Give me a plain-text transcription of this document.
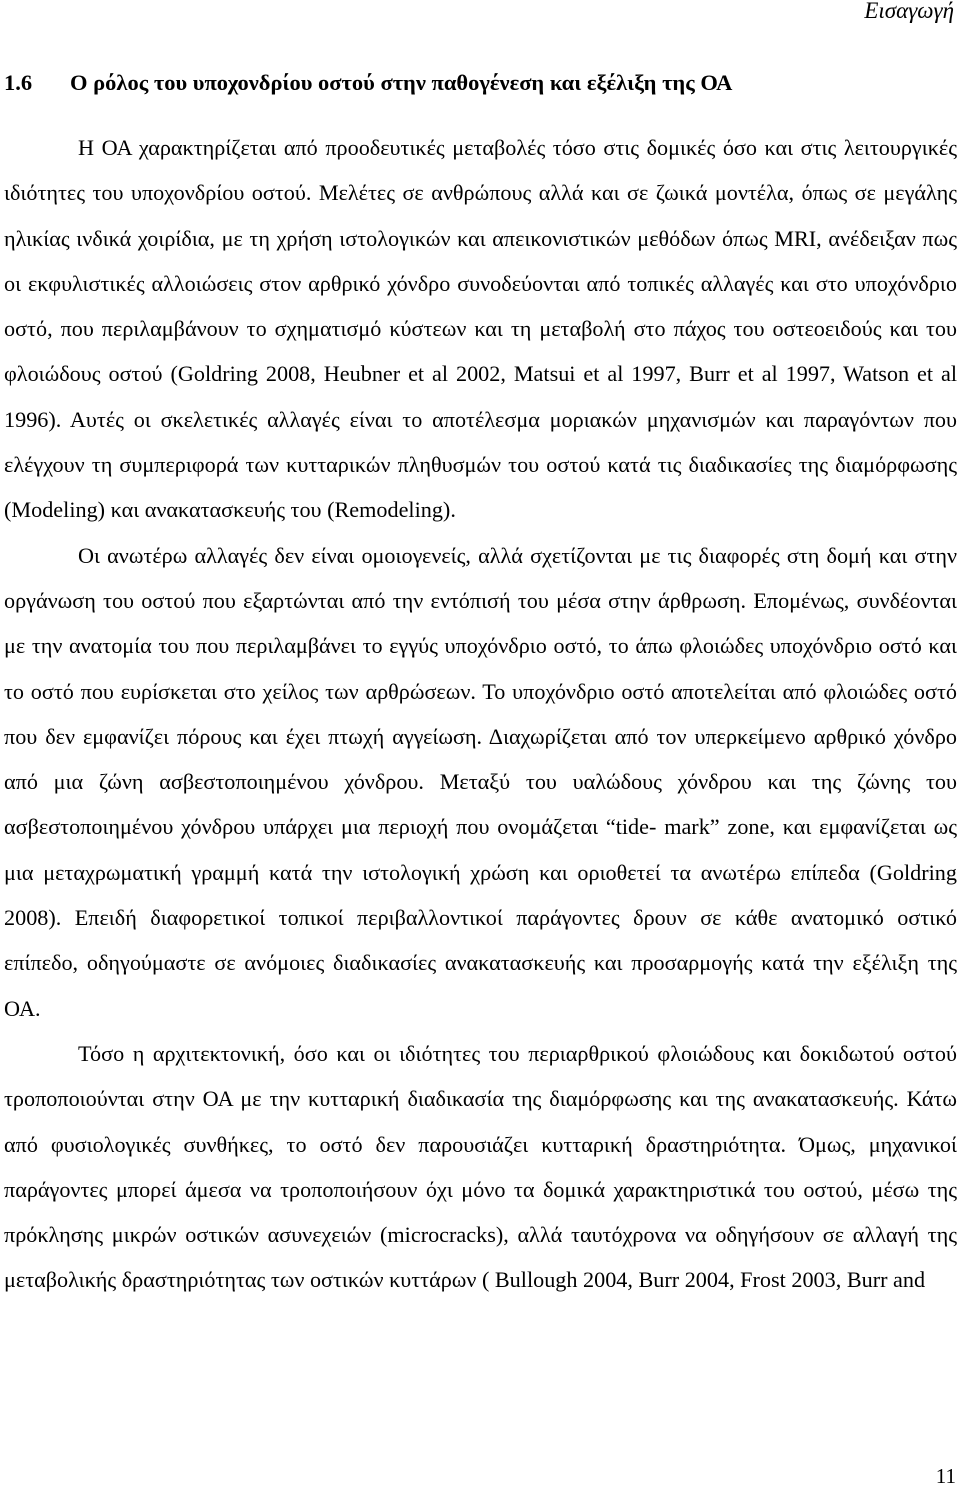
Εισαγωγή
1.6 Ο ρόλος του υποχονδρίου οστού στην παθογένεση και εξέλιξη της ΟΑ

Η ΟΑ χαρακτηρίζεται από προοδευτικές μεταβολές τόσο στις δομικές όσο και στις λειτουργικές ιδιότητες του υποχονδρίου οστού. Μελέτες σε ανθρώπους αλλά και σε ζωικά μοντέλα, όπως σε μεγάλης ηλικίας ινδικά χοιρίδια, με τη χρήση ιστολογικών και απεικονιστικών μεθόδων όπως MRI, ανέδειξαν πως οι εκφυλιστικές αλλοιώσεις στον αρθρικό χόνδρο συνοδεύονται από τοπικές αλλαγές και στο υποχόνδριο οστό, που περιλαμβάνουν το σχηματισμό κύστεων και τη μεταβολή στο πάχος του οστεοειδούς και του φλοιώδους οστού (Goldring 2008, Heubner et al 2002, Matsui et al 1997, Burr et al 1997, Watson et al 1996). Αυτές οι σκελετικές αλλαγές είναι το αποτέλεσμα μοριακών μηχανισμών και παραγόντων που ελέγχουν τη συμπεριφορά των κυτταρικών πληθυσμών του οστού κατά τις διαδικασίες της διαμόρφωσης (Modeling) και ανακατασκευής του (Remodeling).

Οι ανωτέρω αλλαγές δεν είναι ομοιογενείς, αλλά σχετίζονται με τις διαφορές στη δομή και στην οργάνωση του οστού που εξαρτώνται από την εντόπισή του μέσα στην άρθρωση. Επομένως, συνδέονται με την ανατομία του που περιλαμβάνει το εγγύς υποχόνδριο οστό, το άπω φλοιώδες υποχόνδριο οστό και το οστό που ευρίσκεται στο χείλος των αρθρώσεων. Το υποχόνδριο οστό αποτελείται από φλοιώδες οστό που δεν εμφανίζει πόρους και έχει πτωχή αγγείωση. Διαχωρίζεται από τον υπερκείμενο αρθρικό χόνδρο από μια ζώνη ασβεστοποιημένου χόνδρου. Μεταξύ του υαλώδους χόνδρου και της ζώνης του ασβεστοποιημένου χόνδρου υπάρχει μια περιοχή που ονομάζεται “tide- mark” zone, και εμφανίζεται ως μια μεταχρωματική γραμμή κατά την ιστολογική χρώση και οριοθετεί τα ανωτέρω επίπεδα (Goldring 2008). Επειδή διαφορετικοί τοπικοί περιβαλλοντικοί παράγοντες δρουν σε κάθε ανατομικό οστικό επίπεδο, οδηγούμαστε σε ανόμοιες διαδικασίες ανακατασκευής και προσαρμογής κατά την εξέλιξη της ΟΑ.

Τόσο η αρχιτεκτονική, όσο και οι ιδιότητες του περιαρθρικού φλοιώδους και δοκιδωτού οστού τροποποιούνται στην ΟΑ με την κυτταρική διαδικασία της διαμόρφωσης και της ανακατασκευής. Κάτω από φυσιολογικές συνθήκες, το οστό δεν παρουσιάζει κυτταρική δραστηριότητα. Όμως, μηχανικοί παράγοντες μπορεί άμεσα να τροποποιήσουν όχι μόνο τα δομικά χαρακτηριστικά του οστού, μέσω της πρόκλησης μικρών οστικών ασυνεχειών (microcracks), αλλά ταυτόχρονα να οδηγήσουν σε αλλαγή της μεταβολικής δραστηριότητας των οστικών κυττάρων ( Bullough 2004, Burr 2004, Frost 2003, Burr and

11
